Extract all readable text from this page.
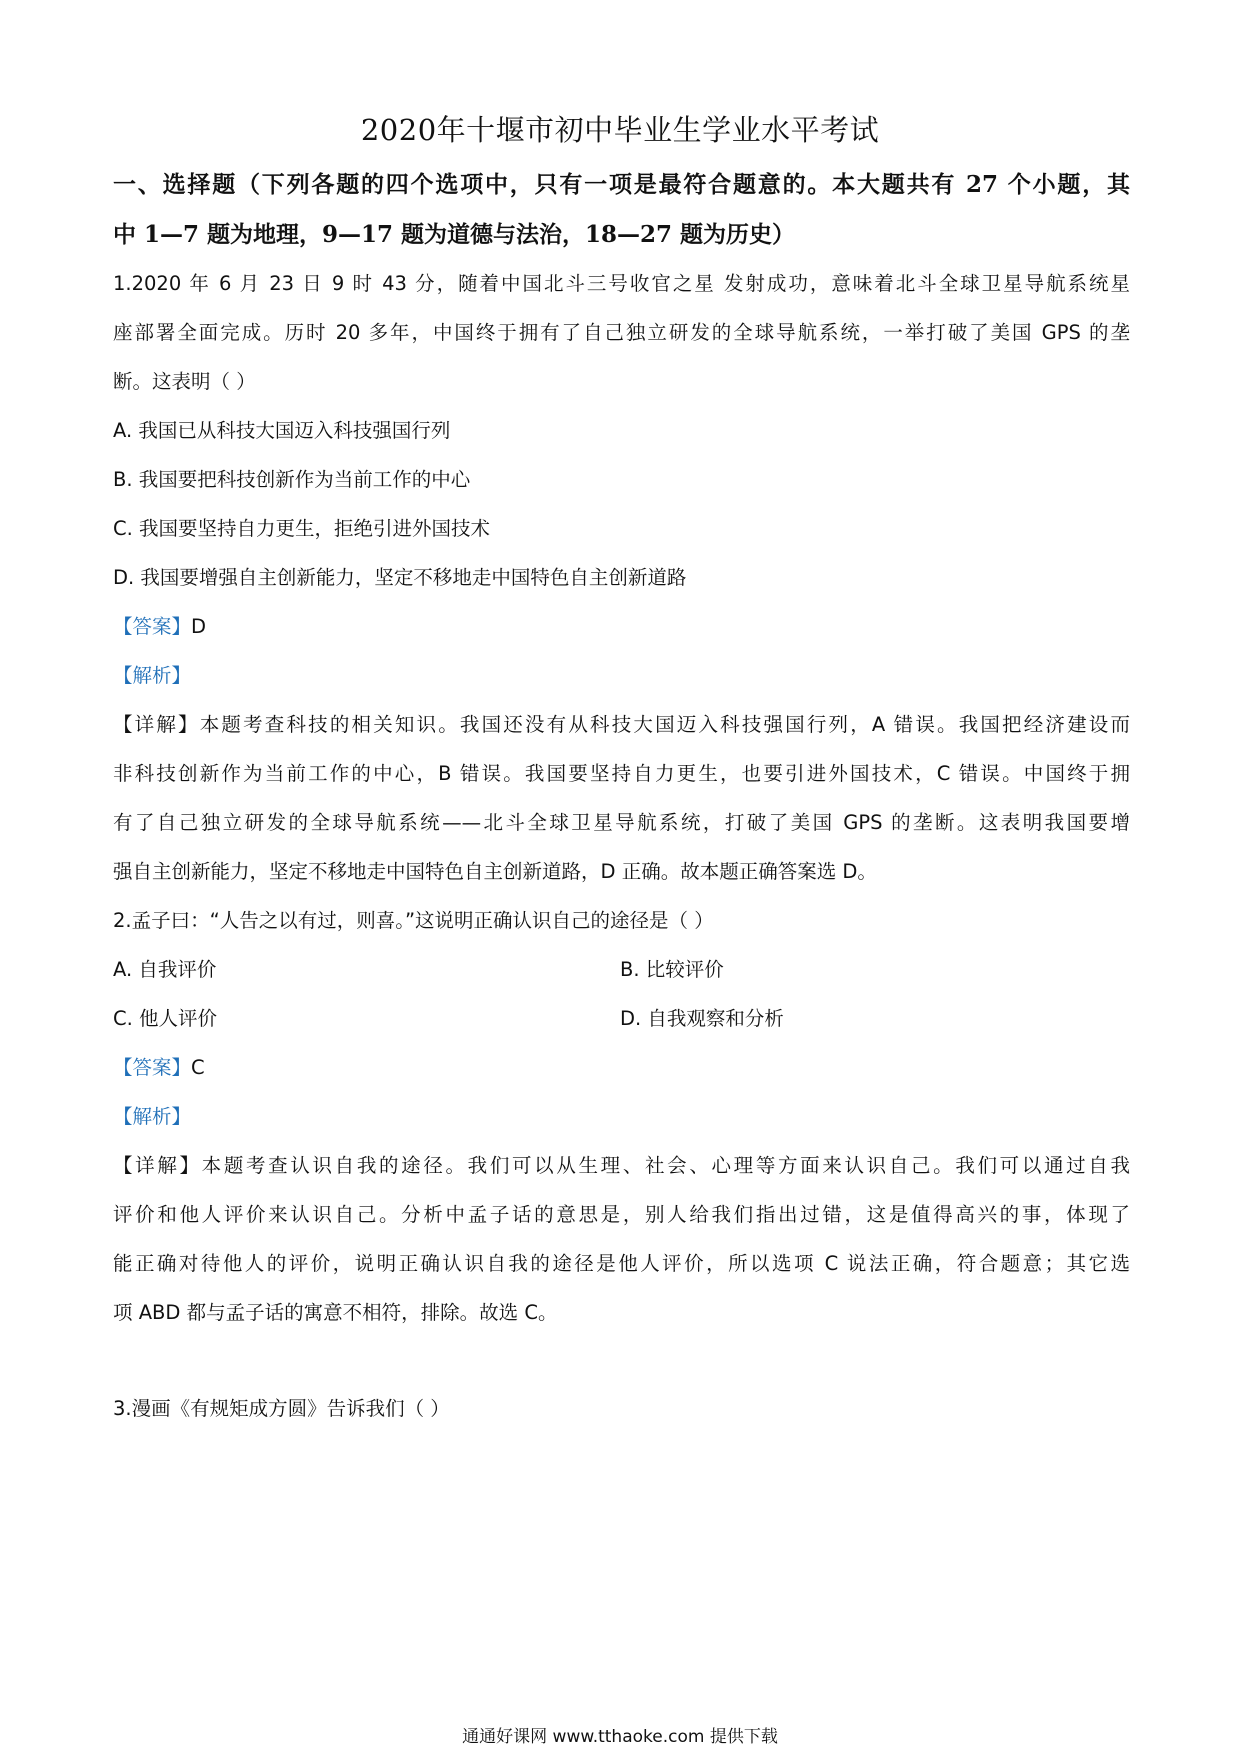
2020年十堰市初中毕业生学业水平考试
一、选择题（下列各题的四个选项中，只有一项是最符合题意的。本大题共有 27 个小题，其
中 1—7 题为地理，9—17 题为道德与法治，18—27 题为历史）
1.2020 年 6 月 23 日 9 时 43 分，随着中国北斗三号收官之星 发射成功，意味着北斗全球卫星导航系统星
座部署全面完成。历时 20 多年，中国终于拥有了自己独立研发的全球导航系统，一举打破了美国 GPS 的垄
断。这表明（ ）
A. 我国已从科技大国迈入科技强国行列
B. 我国要把科技创新作为当前工作的中心
C. 我国要坚持自力更生，拒绝引进外国技术
D. 我国要增强自主创新能力，坚定不移地走中国特色自主创新道路
【答案】D
【解析】
【详解】本题考查科技的相关知识。我国还没有从科技大国迈入科技强国行列，A 错误。我国把经济建设而
非科技创新作为当前工作的中心，B 错误。我国要坚持自力更生，也要引进外国技术，C 错误。中国终于拥
有了自己独立研发的全球导航系统——北斗全球卫星导航系统，打破了美国 GPS 的垄断。这表明我国要增
强自主创新能力，坚定不移地走中国特色自主创新道路，D 正确。故本题正确答案选 D。
2.孟子曰：“人告之以有过，则喜。”这说明正确认识自己的途径是（ ）
A. 自我评价	B. 比较评价
C. 他人评价	D. 自我观察和分析
【答案】C
【解析】
【详解】本题考查认识自我的途径。我们可以从生理、社会、心理等方面来认识自己。我们可以通过自我
评价和他人评价来认识自己。分析中孟子话的意思是，别人给我们指出过错，这是值得高兴的事，体现了
能正确对待他人的评价，说明正确认识自我的途径是他人评价，所以选项 C 说法正确，符合题意；其它选
项 ABD 都与孟子话的寓意不相符，排除。故选 C。
3.漫画《有规矩成方圆》告诉我们（ ）
通通好课网 www.tthaoke.com 提供下载
